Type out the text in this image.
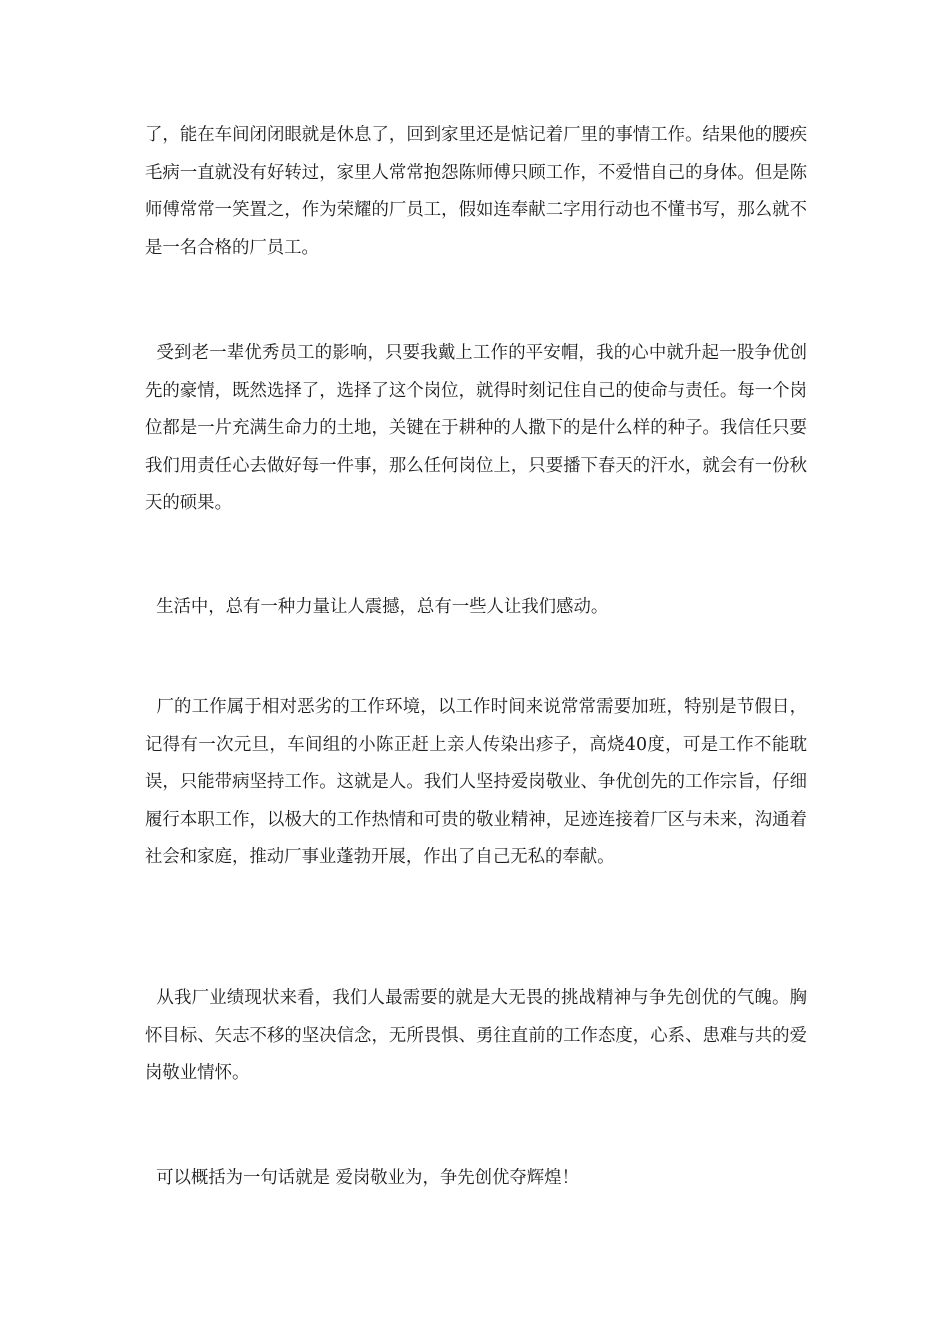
了，能在车间闭闭眼就是休息了，回到家里还是惦记着厂里的事情工作。结果他的腰疾毛病一直就没有好转过，家里人常常抱怨陈师傅只顾工作，不爱惜自己的身体。但是陈师傅常常一笑置之，作为荣耀的厂员工，假如连奉献二字用行动也不懂书写，那么就不是一名合格的厂员工。

受到老一辈优秀员工的影响，只要我戴上工作的平安帽，我的心中就升起一股争优创先的豪情，既然选择了，选择了这个岗位，就得时刻记住自己的使命与责任。每一个岗位都是一片充满生命力的土地，关键在于耕种的人撒下的是什么样的种子。我信任只要我们用责任心去做好每一件事，那么任何岗位上，只要播下春天的汗水，就会有一份秋天的硕果。

生活中，总有一种力量让人震撼，总有一些人让我们感动。

厂的工作属于相对恶劣的工作环境，以工作时间来说常常需要加班，特别是节假日，记得有一次元旦，车间组的小陈正赶上亲人传染出疹子，高烧40度，可是工作不能耽误，只能带病坚持工作。这就是人。我们人坚持爱岗敬业、争优创先的工作宗旨，仔细履行本职工作，以极大的工作热情和可贵的敬业精神，足迹连接着厂区与未来，沟通着社会和家庭，推动厂事业蓬勃开展，作出了自己无私的奉献。

从我厂业绩现状来看，我们人最需要的就是大无畏的挑战精神与争先创优的气魄。胸怀目标、矢志不移的坚决信念，无所畏惧、勇往直前的工作态度，心系、患难与共的爱岗敬业情怀。

可以概括为一句话就是 爱岗敬业为，争先创优夺辉煌！
